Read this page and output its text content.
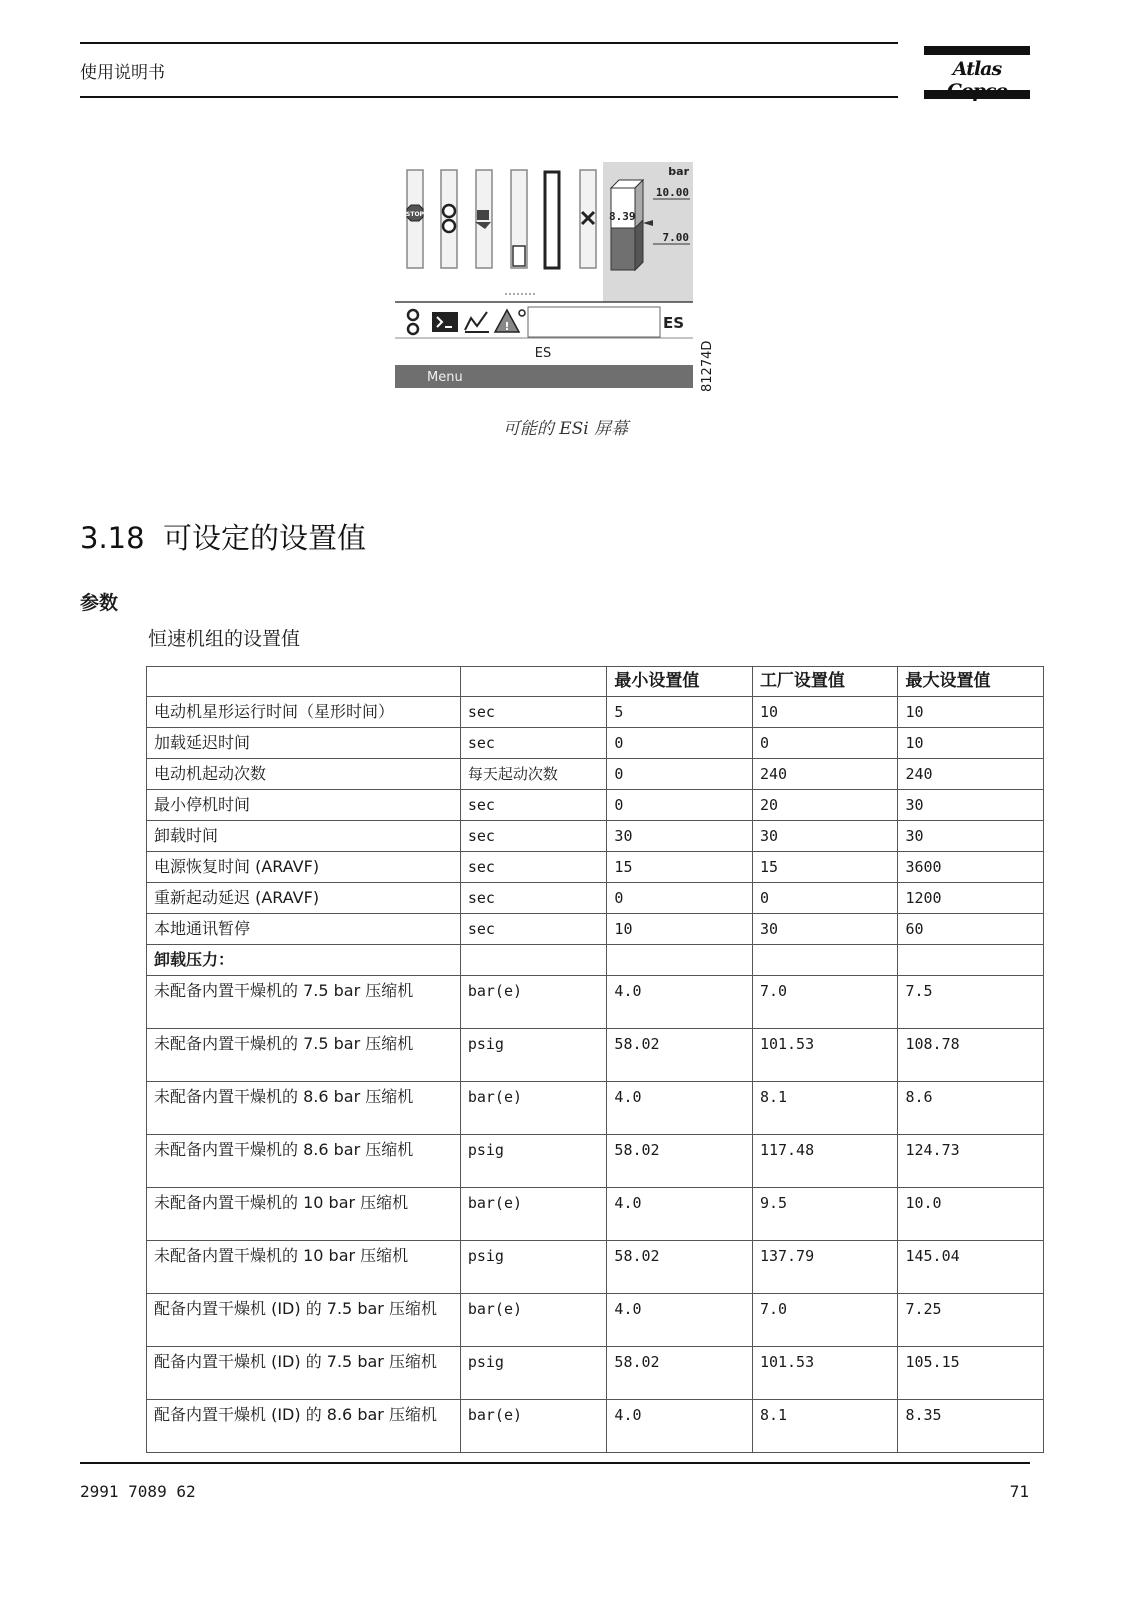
使用说明书	Atlas
STOP
bar
10.00
8.39
7.00
!	ES
ES
Menu	81274D
可能的 ESi 屏幕
3.18 可设定的设置值
参数
恒速机组的设置值
		最小设置值	工厂设置值	最大设置值
电动机星形运行时间（星形时间）	sec	5	10	10
加载延迟时间	sec	0	0	10
电动机起动次数	每天起动次数	0	240	240
最小停机时间	sec	0	20	30
卸载时间	sec	30	30	30
电源恢复时间 (ARAVF)	sec	15	15	3600
重新起动延迟 (ARAVF)	sec	0	0	1200
本地通讯暂停	sec	10	30	60
卸载压力：				
未配备内置干燥机的 7.5 bar 压缩机	bar(e)	4.0	7.0	7.5
未配备内置干燥机的 7.5 bar 压缩机	psig	58.02	101.53	108.78
未配备内置干燥机的 8.6 bar 压缩机	bar(e)	4.0	8.1	8.6
未配备内置干燥机的 8.6 bar 压缩机	psig	58.02	117.48	124.73
未配备内置干燥机的 10 bar 压缩机	bar(e)	4.0	9.5	10.0
未配备内置干燥机的 10 bar 压缩机	psig	58.02	137.79	145.04
配备内置干燥机 (ID) 的 7.5 bar 压缩机	bar(e)	4.0	7.0	7.25
配备内置干燥机 (ID) 的 7.5 bar 压缩机	psig	58.02	101.53	105.15
配备内置干燥机 (ID) 的 8.6 bar 压缩机	bar(e)	4.0	8.1	8.35
2991 7089 62	71
